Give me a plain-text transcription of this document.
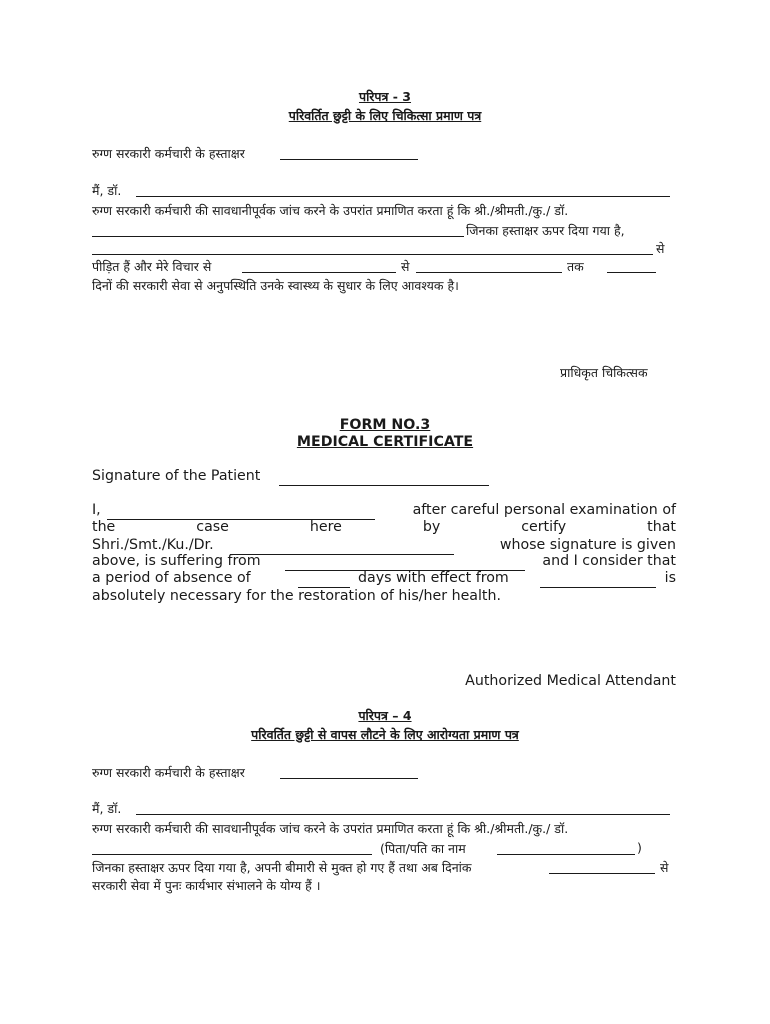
परिपत्र - 3
परिवर्तित छुट्टी के लिए चिकित्सा प्रमाण पत्र
रुग्ण सरकारी कर्मचारी के हस्ताक्षर
मैं, डॉ.
रुग्ण सरकारी कर्मचारी की सावधानीपूर्वक जांच करने के उपरांत प्रमाणित करता हूं कि श्री./श्रीमती./कु./ डॉ.
जिनका हस्ताक्षर ऊपर दिया गया है,
से
पीड़ित हैं और मेरे विचार से	से	तक
दिनों की सरकारी सेवा से अनुपस्थिति उनके स्वास्थ्य के सुधार के लिए आवश्यक है।
प्राधिकृत चिकित्सक
FORM NO.3
MEDICAL CERTIFICATE
Signature of the Patient
I,	after careful personal examination of
the	case	here	by	certify	that
Shri./Smt./Ku./Dr.	whose signature is given
above, is suffering from	and I consider that
a period of absence of	days with effect from	is
absolutely necessary for the restoration of his/her health.
Authorized Medical Attendant
परिपत्र – 4
परिवर्तित छुट्टी से वापस लौटने के लिए आरोग्यता प्रमाण पत्र
रुग्ण सरकारी कर्मचारी के हस्ताक्षर
मैं, डॉ.
रुग्ण सरकारी कर्मचारी की सावधानीपूर्वक जांच करने के उपरांत प्रमाणित करता हूं कि श्री./श्रीमती./कु./ डॉ.
(पिता/पति का नाम	)
जिनका हस्ताक्षर ऊपर दिया गया है, अपनी बीमारी से मुक्त हो गए हैं तथा अब दिनांक	से
सरकारी सेवा में पुनः कार्यभार संभालने के योग्य हैं ।
